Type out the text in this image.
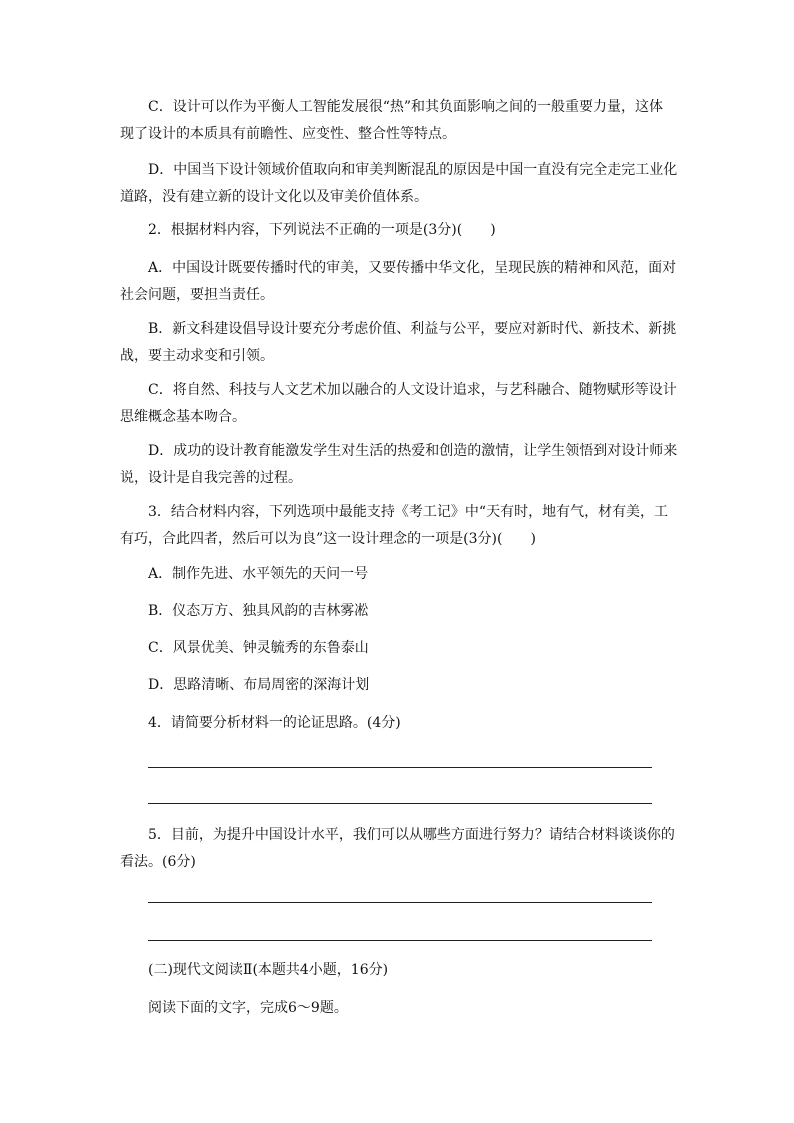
C．设计可以作为平衡人工智能发展很“热”和其负面影响之间的一般重要力量，这体
现了设计的本质具有前瞻性、应变性、整合性等特点。
D．中国当下设计领域价值取向和审美判断混乱的原因是中国一直没有完全走完工业化
道路，没有建立新的设计文化以及审美价值体系。
2．根据材料内容，下列说法不正确的一项是(3分)(　　)
A．中国设计既要传播时代的审美，又要传播中华文化，呈现民族的精神和风范，面对
社会问题，要担当责任。
B．新文科建设倡导设计要充分考虑价值、利益与公平，要应对新时代、新技术、新挑
战，要主动求变和引领。
C．将自然、科技与人文艺术加以融合的人文设计追求，与艺科融合、随物赋形等设计
思维概念基本吻合。
D．成功的设计教育能激发学生对生活的热爱和创造的激情，让学生领悟到对设计师来
说，设计是自我完善的过程。
3．结合材料内容，下列选项中最能支持《考工记》中“天有时，地有气，材有美，工
有巧，合此四者，然后可以为良”这一设计理念的一项是(3分)(　　)
A．制作先进、水平领先的天问一号
B．仪态万方、独具风韵的吉林雾凇
C．风景优美、钟灵毓秀的东鲁泰山
D．思路清晰、布局周密的深海计划
4．请简要分析材料一的论证思路。(4分)
5．目前，为提升中国设计水平，我们可以从哪些方面进行努力？请结合材料谈谈你的
看法。(6分)
(二)现代文阅读Ⅱ(本题共4小题，16分)
阅读下面的文字，完成6～9题。
